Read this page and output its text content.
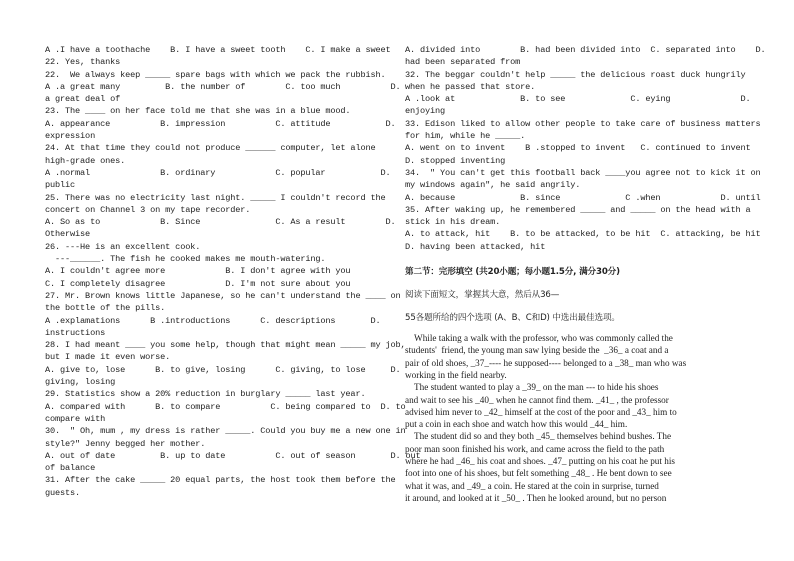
A .I have a toothache    B. I have a sweet tooth    C. I make a sweet
22. Yes, thanks
22.  We always keep _____ spare bags with which we pack the rubbish.
A .a great many         B. the number of        C. too much          D.
a great deal of
23. The ____ on her face told me that she was in a blue mood.
A. appearance          B. impression          C. attitude           D.
expression
24. At that time they could not produce ______ computer, let alone
high-grade ones.
A .normal              B. ordinary            C. popular           D.
public
25. There was no electricity last night. _____ I couldn't record the
concert on Channel 3 on my tape recorder.
A. So as to            B. Since               C. As a result        D.
Otherwise
26. ---He is an excellent cook.
---______. The fish he cooked makes me mouth-watering.
A. I couldn't agree more            B. I don't agree with you
C. I completely disagree            D. I'm not sure about you
27. Mr. Brown knows little Japanese, so he can't understand the ____ on
the bottle of the pills.
A .explamations      B .introductions      C. descriptions       D.
instructions
28. I had meant ____ you some help, though that might mean _____ my job,
but I made it even worse.
A. give to, lose      B. to give, losing      C. giving, to lose     D.
giving, losing
29. Statistics show a 20% reduction in burglary _____ last year.
A. compared with      B. to compare          C. being compared to  D. to
compare with
30.  " Oh, mum , my dress is rather _____. Could you buy me a new one in
style?" Jenny begged her mother.
A. out of date         B. up to date          C. out of season       D. out
of balance
31. After the cake _____ 20 equal parts, the host took them before the
guests.
A. divided into        B. had been divided into  C. separated into    D.
had been separated from
32. The beggar couldn't help _____ the delicious roast duck hungrily
when he passed that store.
A .look at             B. to see             C. eying              D.
enjoying
33. Edison liked to allow other people to take care of business matters
for him, while he _____.
A. went on to invent    B .stopped to invent   C. continued to invent
D. stopped inventing
34.  " You can't get this football back ____you agree not to kick it on
my windows again", he said angrily.
A. because             B. since             C .when            D. until
35. After waking up, he remembered _____ and _____ on the head with a
stick in his dream.
A. to attack, hit    B. to be attacked, to be hit  C. attacking, be hit
D. having been attacked, hit
第二节：完形填空 (共20小题；每小题1.5分, 满分30分)
阅读下面短文，掌握其大意，然后从36—
55各题所给的四个选项 (A、B、C和D) 中选出最佳选项。
While taking a walk with the professor, who was commonly called the
students'  friend, the young man saw lying beside the  _36_ a coat and a
pair of old shoes, _37_---- he supposed---- belonged to a _38_ man who was
working in the field nearby.
The student wanted to play a _39_ on the man --- to hide his shoes
and wait to see his _40_ when he cannot find them. _41_ , the professor
advised him never to _42_ himself at the cost of the poor and _43_ him to
put a coin in each shoe and watch how this would _44_ him.
The student did so and they both _45_ themselves behind bushes. The
poor man soon finished his work, and came across the field to the path
where he had _46_ his coat and shoes. _47_ putting on his coat he put his
foot into one of his shoes, but felt something _48_ . He bent down to see
what it was, and _49_ a coin. He stared at the coin in surprise, turned
it around, and looked at it _50_ . Then he looked around, but no person
